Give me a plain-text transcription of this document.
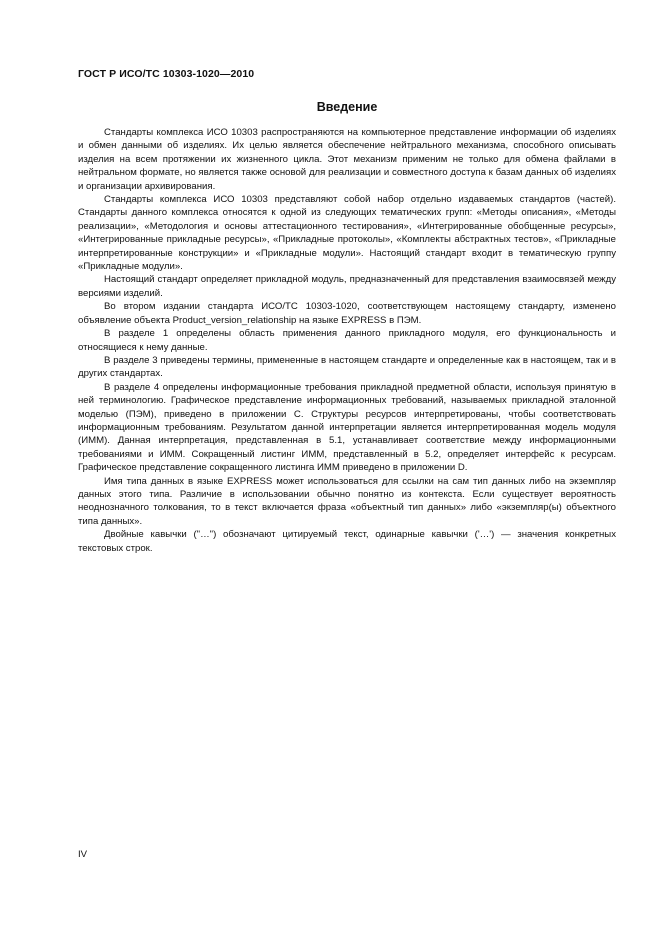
ГОСТ Р ИСО/ТС 10303-1020—2010
Введение

Стандарты комплекса ИСО 10303 распространяются на компьютерное представление информации об изделиях и обмен данными об изделиях. Их целью является обеспечение нейтрального механизма, способного описывать изделия на всем протяжении их жизненного цикла. Этот механизм применим не только для обмена файлами в нейтральном формате, но является также основой для реализации и совместного доступа к базам данных об изделиях и организации архивирования.

Стандарты комплекса ИСО 10303 представляют собой набор отдельно издаваемых стандартов (частей). Стандарты данного комплекса относятся к одной из следующих тематических групп: «Методы описания», «Методы реализации», «Методология и основы аттестационного тестирования», «Интегрированные обобщенные ресурсы», «Интегрированные прикладные ресурсы», «Прикладные протоколы», «Комплекты абстрактных тестов», «Прикладные интерпретированные конструкции» и «Прикладные модули». Настоящий стандарт входит в тематическую группу «Прикладные модули».

Настоящий стандарт определяет прикладной модуль, предназначенный для представления взаимосвязей между версиями изделий.

Во втором издании стандарта ИСО/ТС 10303-1020, соответствующем настоящему стандарту, изменено объявление объекта Product_version_relationship на языке EXPRESS в ПЭМ.

В разделе 1 определены область применения данного прикладного модуля, его функциональность и относящиеся к нему данные.

В разделе 3 приведены термины, примененные в настоящем стандарте и определенные как в настоящем, так и в других стандартах.

В разделе 4 определены информационные требования прикладной предметной области, используя принятую в ней терминологию. Графическое представление информационных требований, называемых прикладной эталонной моделью (ПЭМ), приведено в приложении С. Структуры ресурсов интерпретированы, чтобы соответствовать информационным требованиям. Результатом данной интерпретации является интерпретированная модель модуля (ИММ). Данная интерпретация, представленная в 5.1, устанавливает соответствие между информационными требованиями и ИММ. Сокращенный листинг ИММ, представленный в 5.2, определяет интерфейс к ресурсам. Графическое представление сокращенного листинга ИММ приведено в приложении D.

Имя типа данных в языке EXPRESS может использоваться для ссылки на сам тип данных либо на экземпляр данных этого типа. Различие в использовании обычно понятно из контекста. Если существует вероятность неоднозначного толкования, то в текст включается фраза «объектный тип данных» либо «экземпляр(ы) объектного типа данных».

Двойные кавычки ("…") обозначают цитируемый текст, одинарные кавычки ('…') — значения конкретных текстовых строк.

IV
